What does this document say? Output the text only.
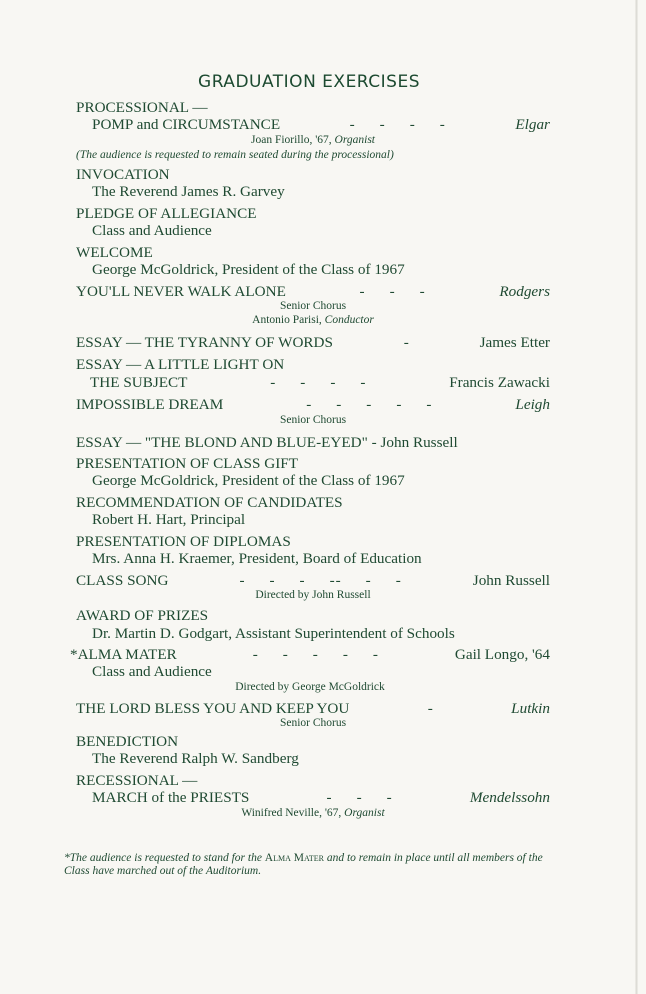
GRADUATION EXERCISES
PROCESSIONAL —
POMP and CIRCUMSTANCE	-     -     -     -	Elgar
Joan Fiorillo, '67, Organist
(The audience is requested to remain seated during the processional)
INVOCATION
The Reverend James R. Garvey
PLEDGE OF ALLEGIANCE
Class and Audience
WELCOME
George McGoldrick, President of the Class of 1967
YOU'LL NEVER WALK ALONE	-     -     -	Rodgers
Senior Chorus
Antonio Parisi, Conductor
ESSAY — THE TYRANNY OF WORDS	-	James Etter
ESSAY — A LITTLE LIGHT ON
THE SUBJECT	-     -     -     -	Francis Zawacki
IMPOSSIBLE DREAM	-     -     -     -     -	Leigh
Senior Chorus
ESSAY — "THE BLOND AND BLUE-EYED" - John Russell
PRESENTATION OF CLASS GIFT
George McGoldrick, President of the Class of 1967
RECOMMENDATION OF CANDIDATES
Robert H. Hart, Principal
PRESENTATION OF DIPLOMAS
Mrs. Anna H. Kraemer, President, Board of Education
CLASS SONG	-     -     -     --     -     -	John Russell
Directed by John Russell
AWARD OF PRIZES
Dr. Martin D. Godgart, Assistant Superintendent of Schools
*ALMA MATER	-     -     -     -     -	Gail Longo, '64
Class and Audience
Directed by George McGoldrick
THE LORD BLESS YOU AND KEEP YOU	-	Lutkin
Senior Chorus
BENEDICTION
The Reverend Ralph W. Sandberg
RECESSIONAL —
MARCH of the PRIESTS	-     -     -	Mendelssohn
Winifred Neville, '67, Organist
*The audience is requested to stand for the Alma Mater and to remain in place until all members of the Class have marched out of the Auditorium.
